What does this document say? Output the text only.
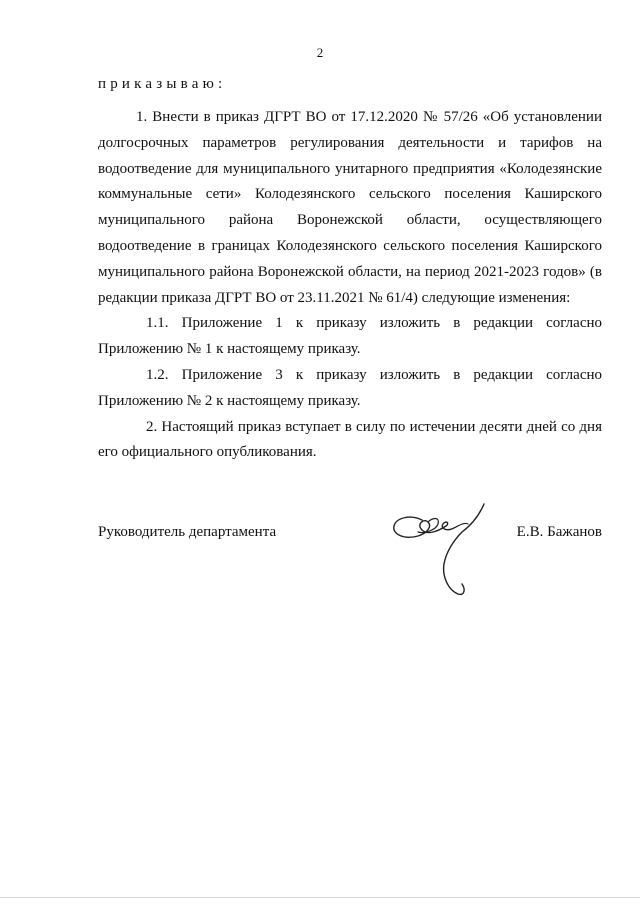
2
приказываю:

1. Внести в приказ ДГРТ ВО от 17.12.2020 № 57/26 «Об установлении долгосрочных параметров регулирования деятельности и тарифов на водоотведение для муниципального унитарного предприятия «Колодезянские коммунальные сети» Колодезянского сельского поселения Каширского муниципального района Воронежской области, осуществляющего водоотведение в границах Колодезянского сельского поселения Каширского муниципального района Воронежской области, на период 2021-2023 годов» (в редакции приказа ДГРТ ВО от 23.11.2021 № 61/4) следующие изменения:

1.1. Приложение 1 к приказу изложить в редакции согласно Приложению № 1 к настоящему приказу.

1.2. Приложение 3 к приказу изложить в редакции согласно Приложению № 2 к настоящему приказу.

2. Настоящий приказ вступает в силу по истечении десяти дней со дня его официального опубликования.

Руководитель департамента	Е.В. Бажанов
